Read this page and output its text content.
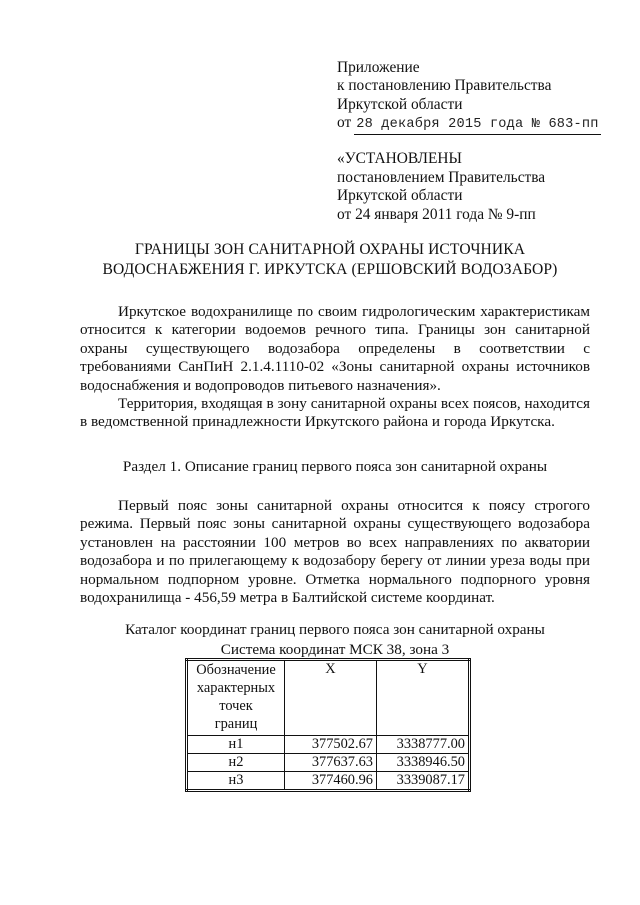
Приложение
к постановлению Правительства
Иркутской области
от 28 декабря 2015 года № 683-пп
«УСТАНОВЛЕНЫ
постановлением Правительства
Иркутской области
от 24 января 2011 года № 9-пп
ГРАНИЦЫ ЗОН САНИТАРНОЙ ОХРАНЫ ИСТОЧНИКА
ВОДОСНАБЖЕНИЯ Г. ИРКУТСКА (ЕРШОВСКИЙ ВОДОЗАБОР)

Иркутское водохранилище по своим гидрологическим характеристикам относится к категории водоемов речного типа. Границы зон санитарной охраны существующего водозабора определены в соответствии с требованиями СанПиН 2.1.4.1110-02 «Зоны санитарной охраны источников водоснабжения и водопроводов питьевого назначения».

Территория, входящая в зону санитарной охраны всех поясов, находится в ведомственной принадлежности Иркутского района и города Иркутска.

Раздел 1. Описание границ первого пояса зон санитарной охраны

Первый пояс зоны санитарной охраны относится к поясу строгого режима. Первый пояс зоны санитарной охраны существующего водозабора установлен на расстоянии 100 метров во всех направлениях по акватории водозабора и по прилегающему к водозабору берегу от линии уреза воды при нормальном подпорном уровне. Отметка нормального подпорного уровня водохранилища - 456,59 метра в Балтийской системе координат.

Каталог координат границ первого пояса зон санитарной охраны
Система координат МСК 38, зона 3
Обозначение
характерных
точек
границ	X	Y
н1	377502.67	3338777.00
н2	377637.63	3338946.50
н3	377460.96	3339087.17
